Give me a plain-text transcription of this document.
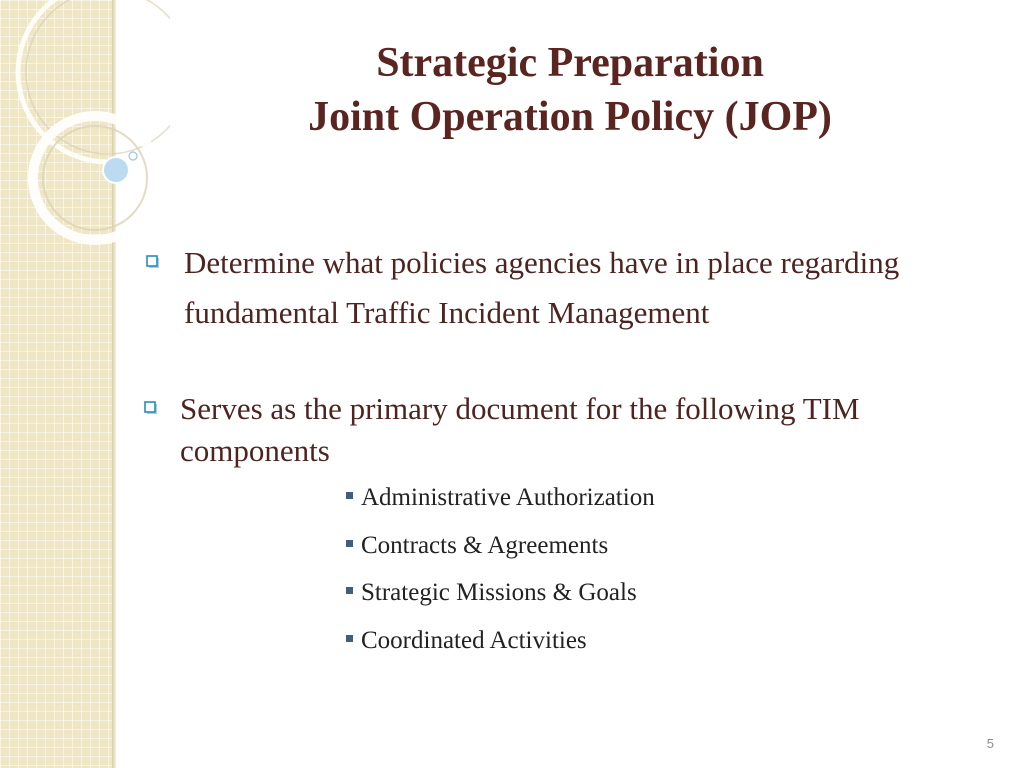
Strategic Preparation
Joint Operation Policy (JOP)
Determine what policies agencies have in place regarding fundamental Traffic Incident Management
Serves as the primary document for the following TIM components
Administrative Authorization
Contracts & Agreements
Strategic Missions & Goals
Coordinated Activities
5
